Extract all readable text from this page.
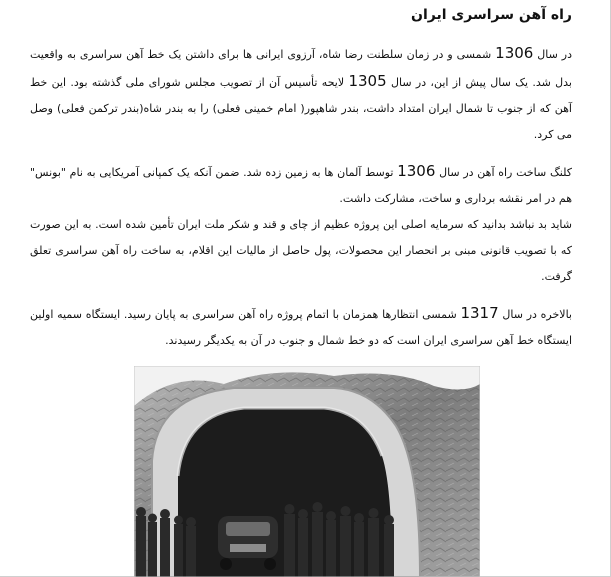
راه آهن سراسری ایران

در سال 1306 شمسی و در زمان سلطنت رضا شاه، آرزوی ایرانی ها برای داشتن یک خط آهن سراسری به واقعیت بدل شد. یک سال پیش از این، در سال 1305 لایحه تأسیس آن از تصویب مجلس شورای ملی گذشته بود. این خط آهن که از جنوب تا شمال ایران امتداد داشت، بندر شاهپور( امام خمینی فعلی) را به بندر شاه(بندر ترکمن فعلی) وصل می کرد.

کلنگ ساخت راه آهن در سال 1306 توسط آلمان ها به زمین زده شد. ضمن آنکه یک کمپانی آمریکایی به نام "بونس" هم در امر نقشه برداری و ساخت، مشارکت داشت.

شاید بد نباشد بدانید که سرمایه اصلی این پروژه عظیم از چای و قند و شکر ملت ایران تأمین شده است. به این صورت که با تصویب قانونی مبنی بر انحصار این محصولات، پول حاصل از مالیات این اقلام، به ساخت راه آهن سراسری تعلق گرفت.

بالاخره در سال 1317 شمسی انتظارها همزمان با اتمام پروژه راه آهن سراسری به پایان رسید. ایستگاه سمیه اولین ایستگاه خط آهن سراسری ایران است که دو خط شمال و جنوب در آن به یکدیگر رسیدند.
